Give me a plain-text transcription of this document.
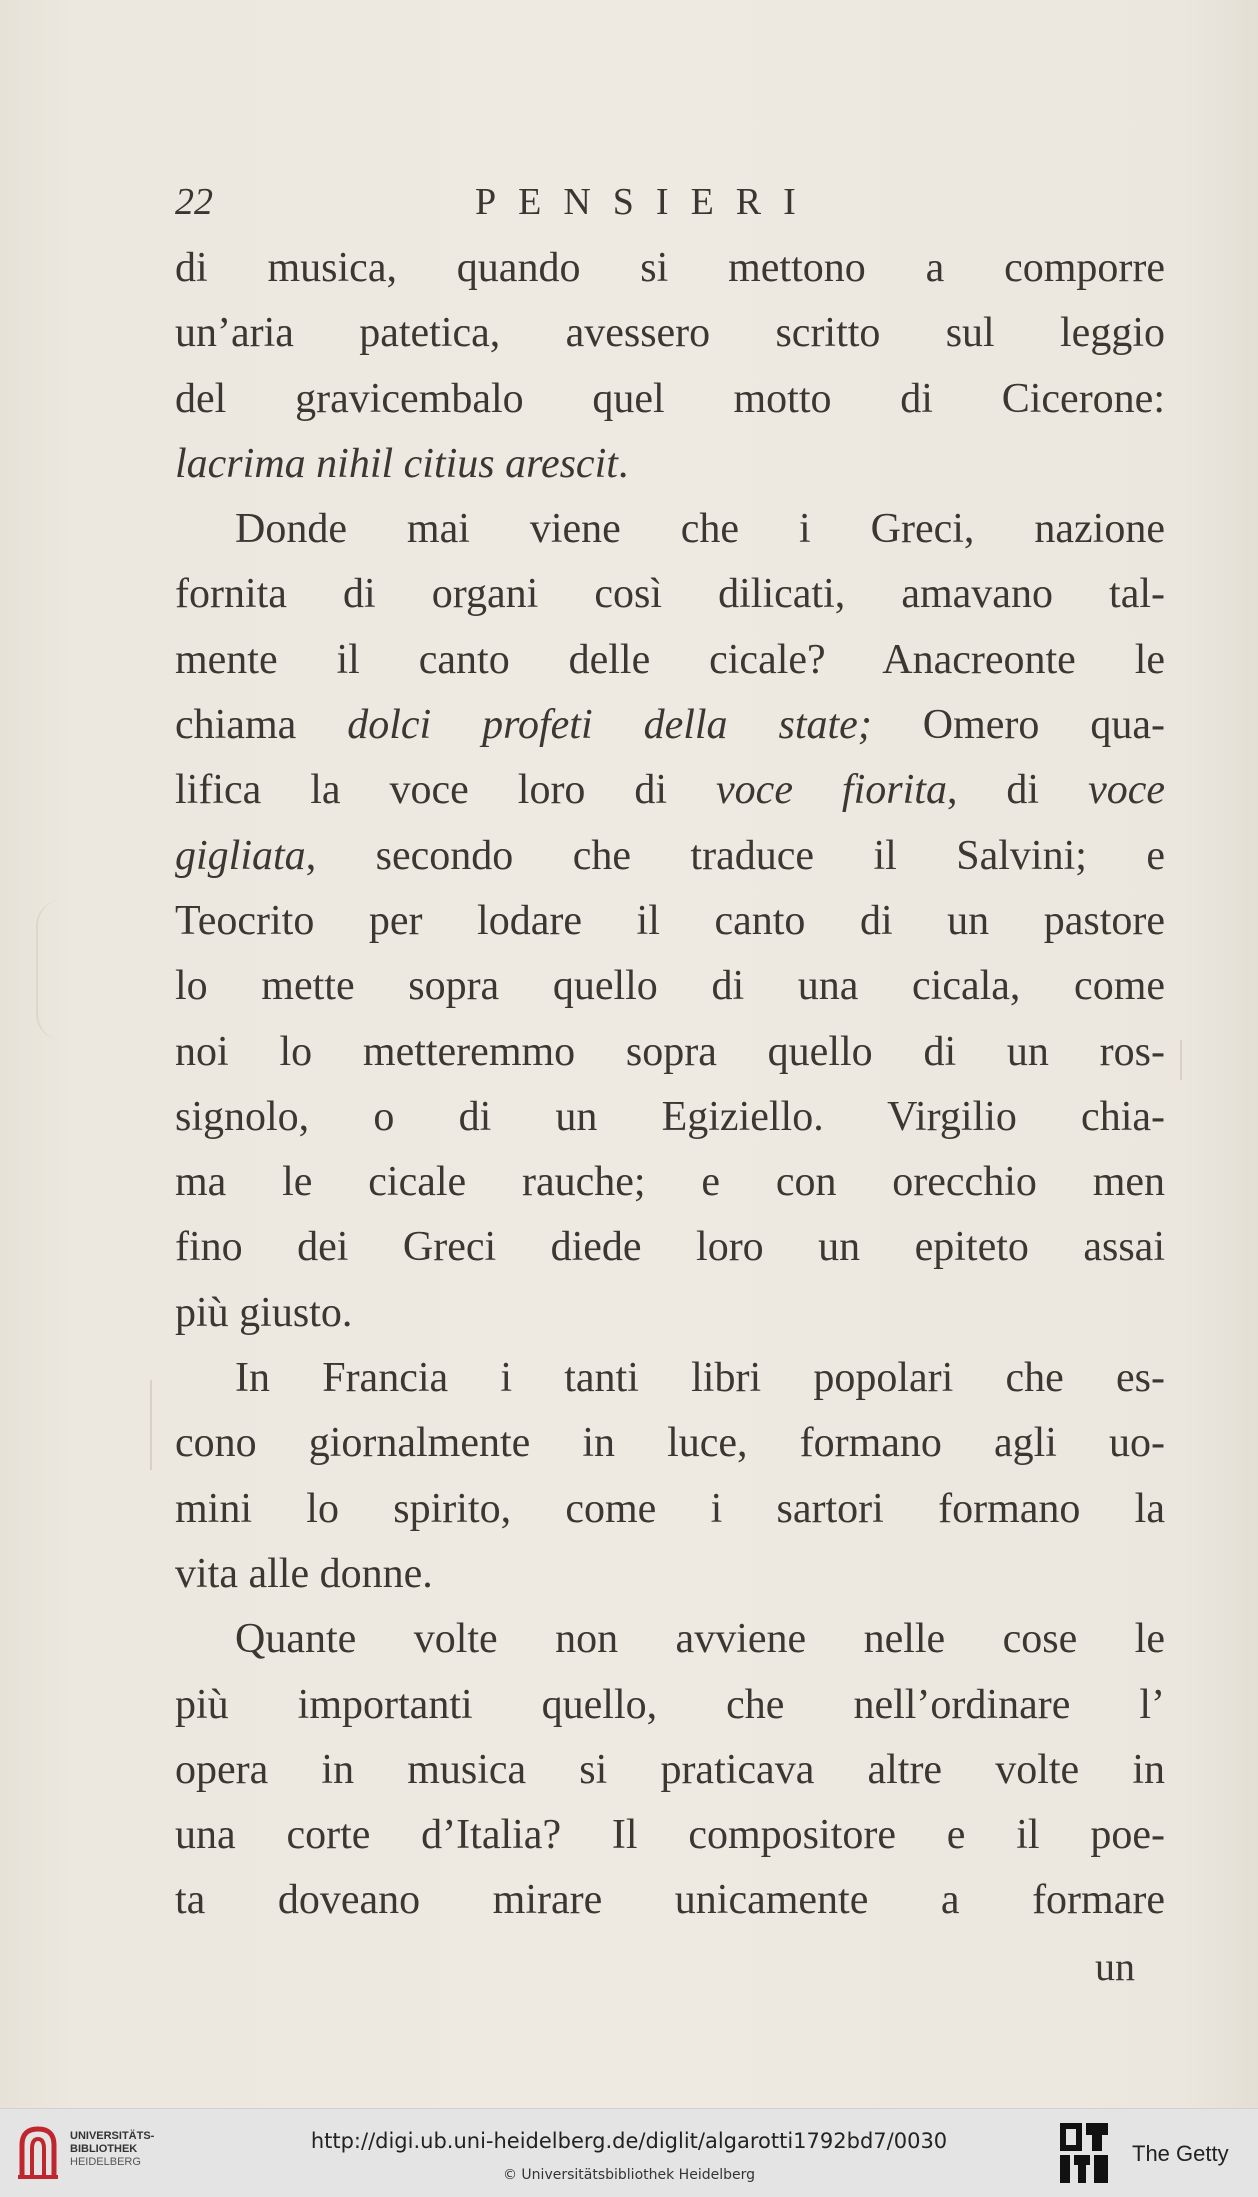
22	PENSIERI
di musica, quando si mettono a comporre
un’aria patetica, avessero scritto sul leggio
del gravicembalo quel motto di Cicerone:
lacrima nihil citius arescit.
Donde mai viene che i Greci, nazione
fornita di organi così dilicati, amavano tal-
mente il canto delle cicale? Anacreonte le
chiama dolci profeti della state; Omero qua-
lifica la voce loro di voce fiorita, di voce
gigliata, secondo che traduce il Salvini; e
Teocrito per lodare il canto di un pastore
lo mette sopra quello di una cicala, come
noi lo metteremmo sopra quello di un ros-
signolo, o di un Egiziello. Virgilio chia-
ma le cicale rauche; e con orecchio men
fino dei Greci diede loro un epiteto assai
più giusto.
In Francia i tanti libri popolari che es-
cono giornalmente in luce, formano agli uo-
mini lo spirito, come i sartori formano la
vita alle donne.
Quante volte non avviene nelle cose le
più importanti quello, che nell’ordinare l’
opera in musica si praticava altre volte in
una corte d’Italia? Il compositore e il poe-
ta doveano mirare unicamente a formare
un
UNIVERSITÄTS-
BIBLIOTHEK
HEIDELBERG
http://digi.ub.uni-heidelberg.de/diglit/algarotti1792bd7/0030
© Universitätsbibliothek Heidelberg
The Getty
